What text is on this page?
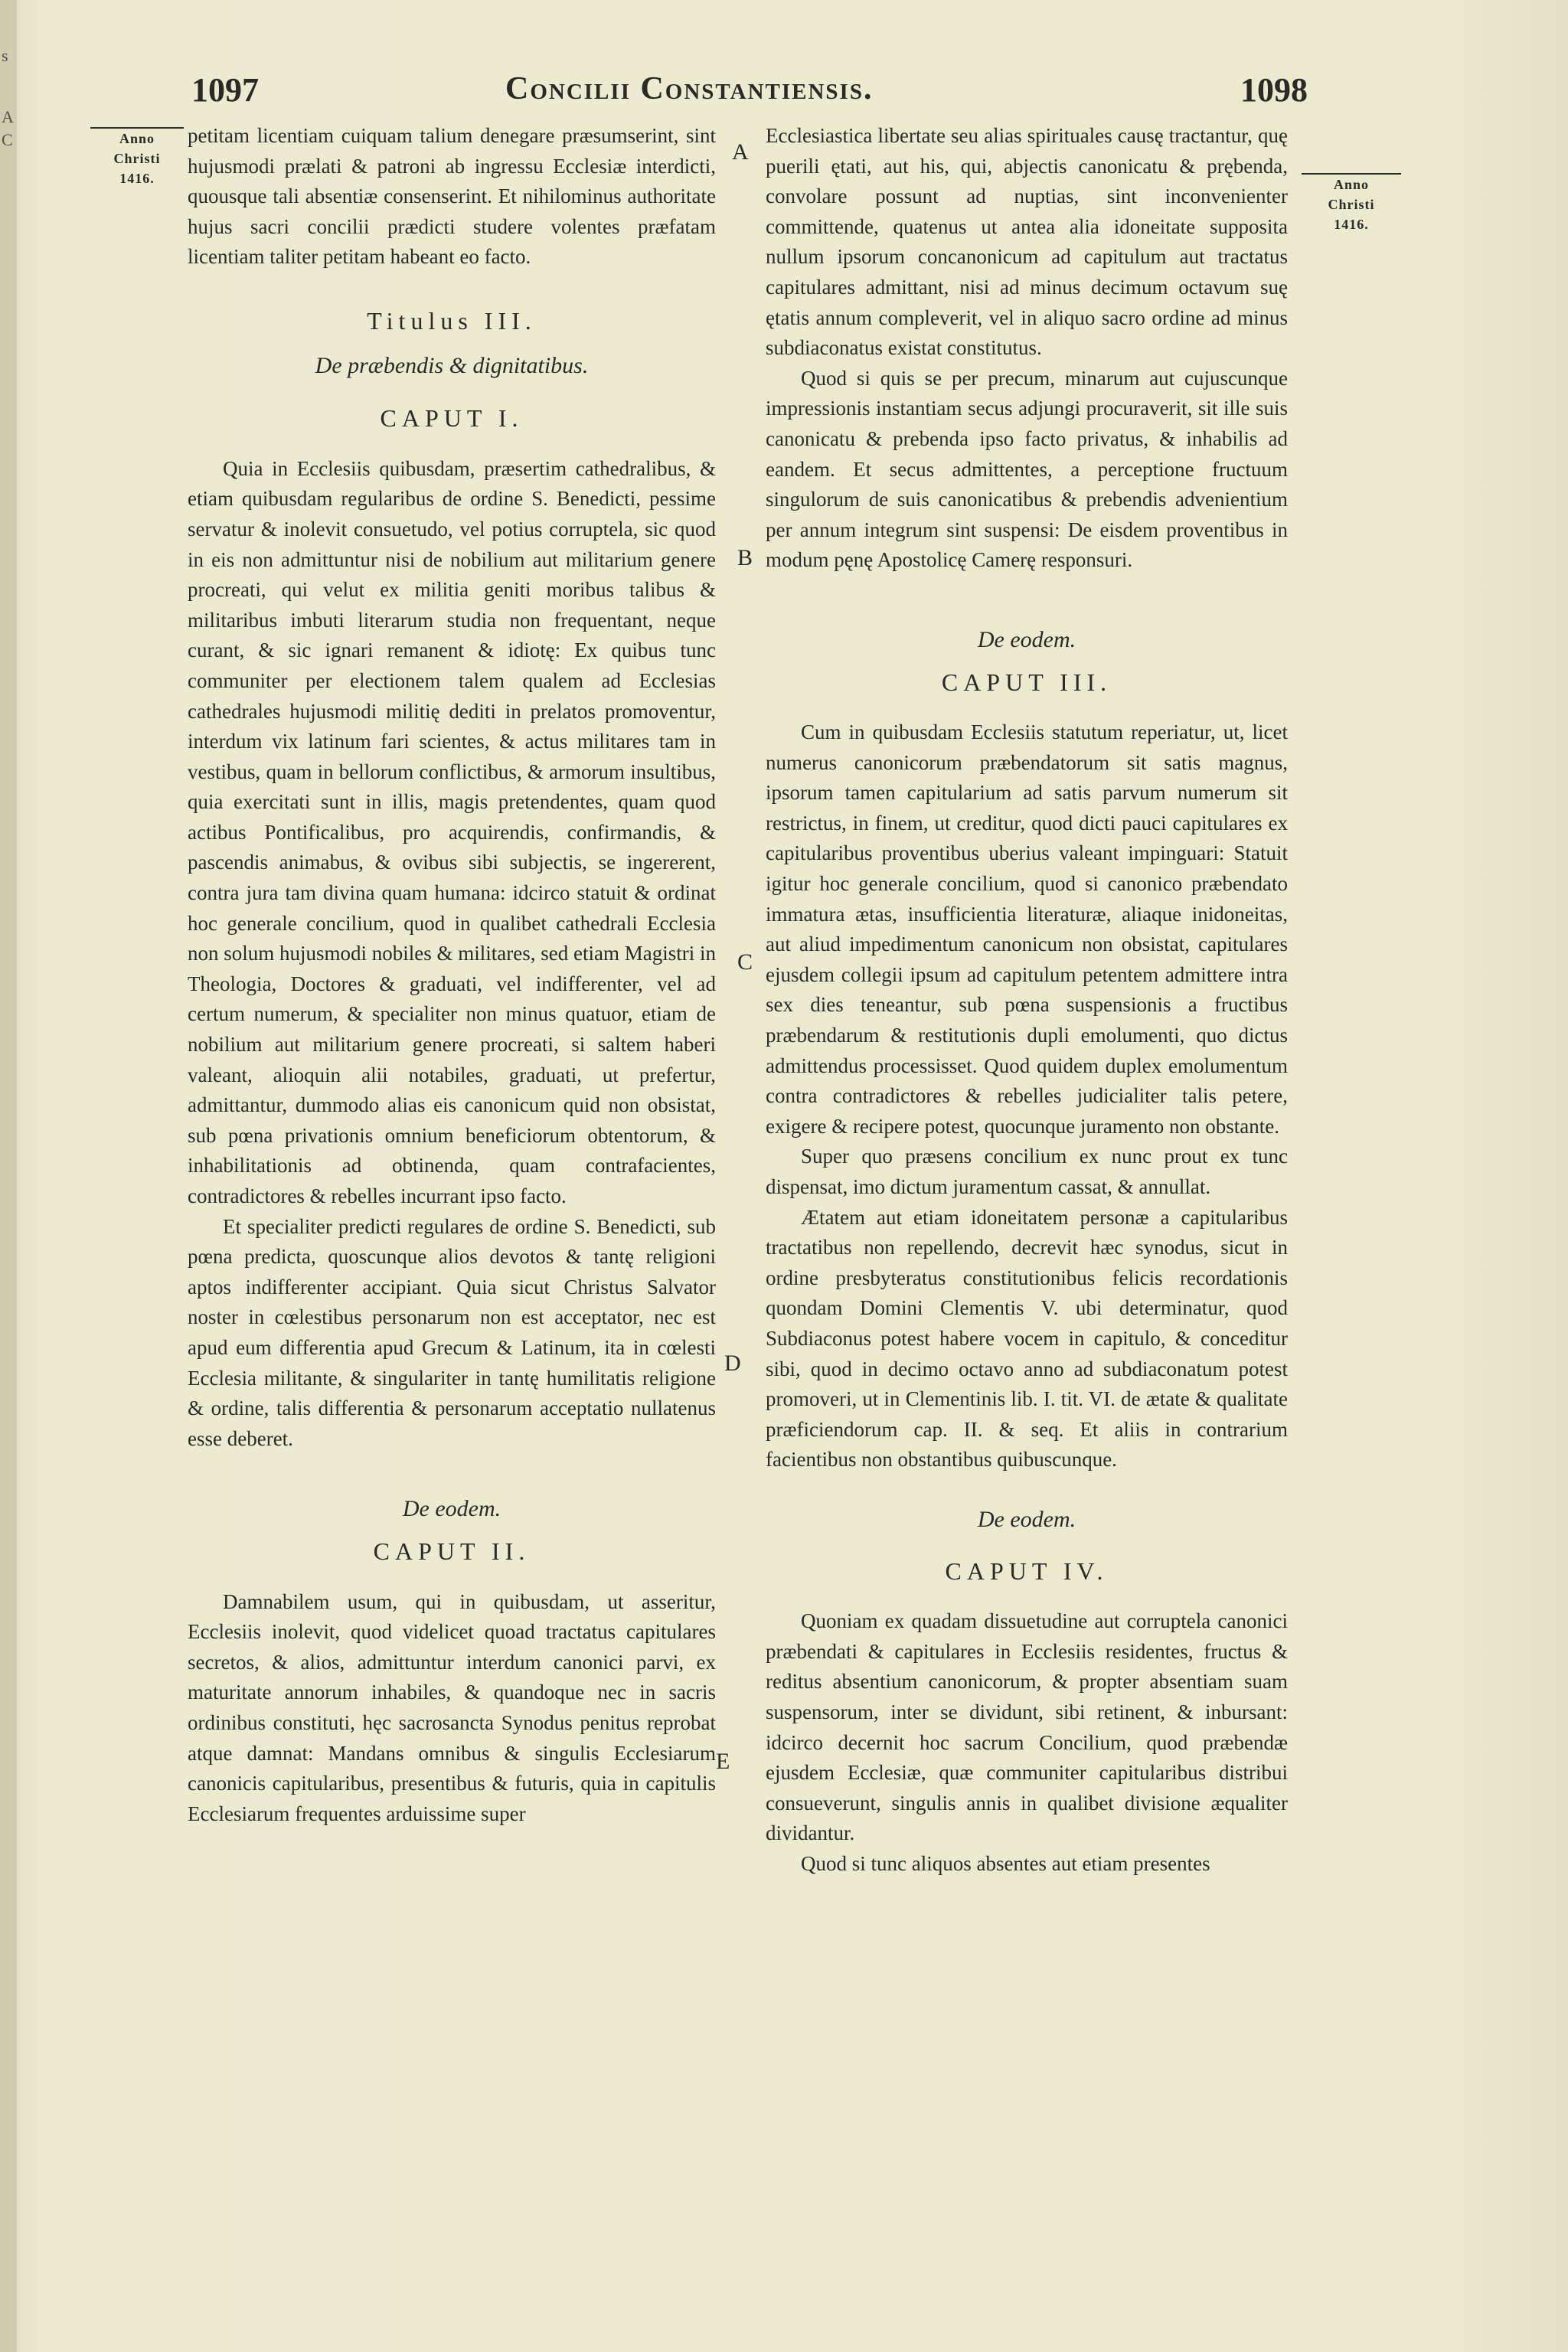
s
A
C
1097	Concilii Constantiensis.	1098
Anno
Christi
1416.	Anno
Christi
1416.
A
B
C
D
E

petitam licentiam cuiquam talium denegare præsumserint, sint hujusmodi prælati & patroni ab ingressu Ecclesiæ interdicti, quousque tali absentiæ consenserint. Et nihilominus authoritate hujus sacri concilii prædicti studere volentes præfatam licentiam taliter petitam habeant eo facto.

Titulus III.

De præbendis & dignitatibus.

CAPUT I.

Quia in Ecclesiis quibusdam, præsertim cathedralibus, & etiam quibusdam regularibus de ordine S. Benedicti, pessime servatur & inolevit consuetudo, vel potius corruptela, sic quod in eis non admittuntur nisi de nobilium aut militarium genere procreati, qui velut ex militia geniti moribus talibus & militaribus imbuti literarum studia non frequentant, neque curant, & sic ignari remanent & idiotę: Ex quibus tunc communiter per electionem talem qualem ad Ecclesias cathedrales hujusmodi militię dediti in prelatos promoventur, interdum vix latinum fari scientes, & actus militares tam in vestibus, quam in bellorum conflictibus, & armorum insultibus, quia exercitati sunt in illis, magis pretendentes, quam quod actibus Pontificalibus, pro acquirendis, confirmandis, & pascendis animabus, & ovibus sibi subjectis, se ingererent, contra jura tam divina quam humana: idcirco statuit & ordinat hoc generale concilium, quod in qualibet cathedrali Ecclesia non solum hujusmodi nobiles & militares, sed etiam Magistri in Theologia, Doctores & graduati, vel indifferenter, vel ad certum numerum, & specialiter non minus quatuor, etiam de nobilium aut militarium genere procreati, si saltem haberi valeant, alioquin alii notabiles, graduati, ut prefertur, admittantur, dummodo alias eis canonicum quid non obsistat, sub pœna privationis omnium beneficiorum obtentorum, & inhabilitationis ad obtinenda, quam contrafacientes, contradictores & rebelles incurrant ipso facto.

Et specialiter predicti regulares de ordine S. Benedicti, sub pœna predicta, quoscunque alios devotos & tantę religioni aptos indifferenter accipiant. Quia sicut Christus Salvator noster in cœlestibus personarum non est acceptator, nec est apud eum differentia apud Grecum & Latinum, ita in cœlesti Ecclesia militante, & singulariter in tantę humilitatis religione & ordine, talis differentia & personarum acceptatio nullatenus esse deberet.

De eodem.

CAPUT II.

Damnabilem usum, qui in quibusdam, ut asseritur, Ecclesiis inolevit, quod videlicet quoad tractatus capitulares secretos, & alios, admittuntur interdum canonici parvi, ex maturitate annorum inhabiles, & quandoque nec in sacris ordinibus constituti, hęc sacrosancta Synodus penitus reprobat atque damnat: Mandans omnibus & singulis Ecclesiarum canonicis capitularibus, presentibus & futuris, quia in capitulis Ecclesiarum frequentes arduissime super

Ecclesiastica libertate seu alias spirituales causę tractantur, quę puerili ętati, aut his, qui, abjectis canonicatu & prębenda, convolare possunt ad nuptias, sint inconvenienter committende, quatenus ut antea alia idoneitate supposita nullum ipsorum concanonicum ad capitulum aut tractatus capitulares admittant, nisi ad minus decimum octavum suę ętatis annum compleverit, vel in aliquo sacro ordine ad minus subdiaconatus existat constitutus.

Quod si quis se per precum, minarum aut cujuscunque impressionis instantiam secus adjungi procuraverit, sit ille suis canonicatu & prebenda ipso facto privatus, & inhabilis ad eandem. Et secus admittentes, a perceptione fructuum singulorum de suis canonicatibus & prebendis advenientium per annum integrum sint suspensi: De eisdem proventibus in modum pęnę Apostolicę Camerę responsuri.

De eodem.

CAPUT III.

Cum in quibusdam Ecclesiis statutum reperiatur, ut, licet numerus canonicorum præbendatorum sit satis magnus, ipsorum tamen capitularium ad satis parvum numerum sit restrictus, in finem, ut creditur, quod dicti pauci capitulares ex capitularibus proventibus uberius valeant impinguari: Statuit igitur hoc generale concilium, quod si canonico præbendato immatura ætas, insufficientia literaturæ, aliaque inidoneitas, aut aliud impedimentum canonicum non obsistat, capitulares ejusdem collegii ipsum ad capitulum petentem admittere intra sex dies teneantur, sub pœna suspensionis a fructibus præbendarum & restitutionis dupli emolumenti, quo dictus admittendus processisset. Quod quidem duplex emolumentum contra contradictores & rebelles judicialiter talis petere, exigere & recipere potest, quocunque juramento non obstante.

Super quo præsens concilium ex nunc prout ex tunc dispensat, imo dictum juramentum cassat, & annullat.

Ætatem aut etiam idoneitatem personæ a capitularibus tractatibus non repellendo, decrevit hæc synodus, sicut in ordine presbyteratus constitutionibus felicis recordationis quondam Domini Clementis V. ubi determinatur, quod Subdiaconus potest habere vocem in capitulo, & conceditur sibi, quod in decimo octavo anno ad subdiaconatum potest promoveri, ut in Clementinis lib. I. tit. VI. de ætate & qualitate præficiendorum cap. II. & seq. Et aliis in contrarium facientibus non obstantibus quibuscunque.

De eodem.

CAPUT IV.

Quoniam ex quadam dissuetudine aut corruptela canonici præbendati & capitulares in Ecclesiis residentes, fructus & reditus absentium canonicorum, & propter absentiam suam suspensorum, inter se dividunt, sibi retinent, & inbursant: idcirco decernit hoc sacrum Concilium, quod præbendæ ejusdem Ecclesiæ, quæ communiter capitularibus distribui consueverunt, singulis annis in qualibet divisione æqualiter dividantur.

Quod si tunc aliquos absentes aut etiam presentes
